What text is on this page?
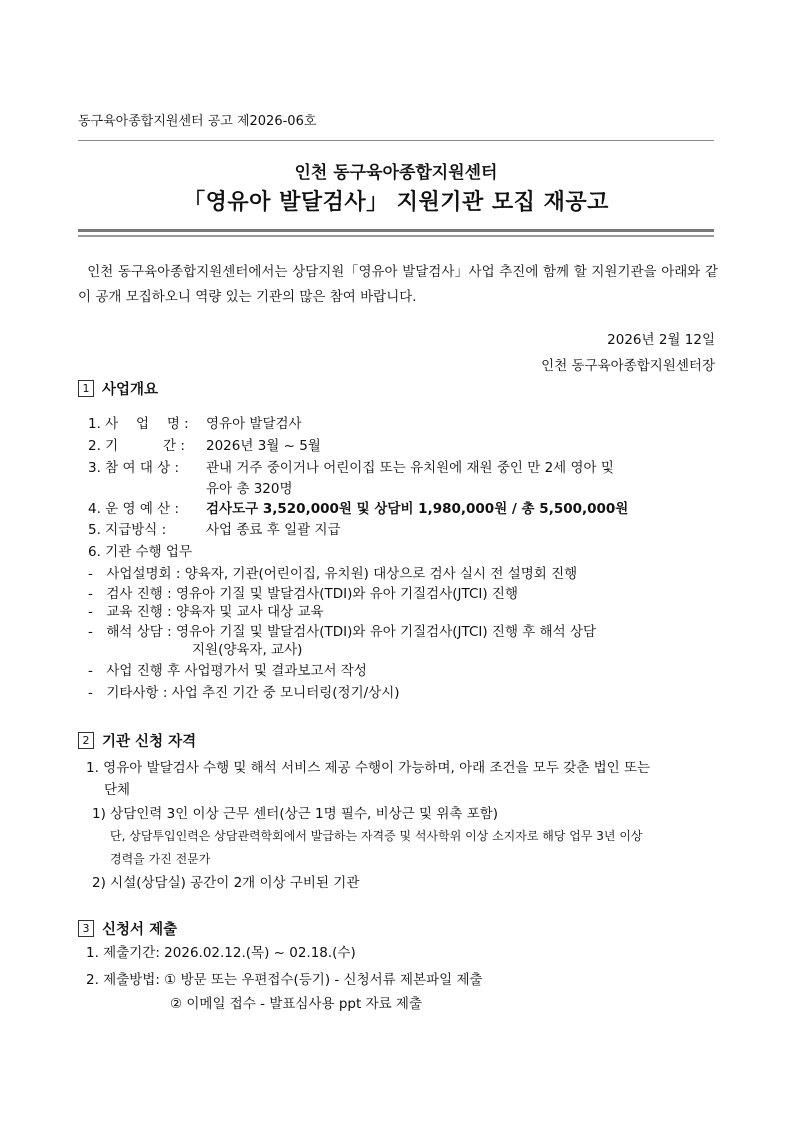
동구육아종합지원센터 공고 제2026-06호
인천 동구육아종합지원센터
「영유아 발달검사」 지원기관 모집 재공고
인천 동구육아종합지원센터에서는 상담지원「영유아 발달검사」사업 추진에 함께 할 지원기관을 아래와 같이 공개 모집하오니 역량 있는 기관의 많은 참여 바랍니다.
2026년 2월 12일
인천 동구육아종합지원센터장
1 사업개요
1. 사　 업　 명 : 영유아 발달검사
2. 기　　　 간 : 2026년 3월 ~ 5월
3. 참 여 대 상 : 관내 거주 중이거나 어린이집 또는 유치원에 재원 중인 만 2세 영아 및
유아 총 320명
4. 운 영 예 산 : 검사도구 3,520,000원 및 상담비 1,980,000원 / 총 5,500,000원
5. 지급방식 :	사업 종료 후 일괄 지급
6. 기관 수행 업무
-　사업설명회 : 양육자, 기관(어린이집, 유치원) 대상으로 검사 실시 전 설명회 진행
-　검사 진행 : 영유아 기질 및 발달검사(TDI)와 유아 기질검사(JTCI) 진행
-　교육 진행 : 양육자 및 교사 대상 교육
-　해석 상담 : 영유아 기질 및 발달검사(TDI)와 유아 기질검사(JTCI) 진행 후 해석 상담
지원(양육자, 교사)
-　사업 진행 후 사업평가서 및 결과보고서 작성
-　기타사항 : 사업 추진 기간 중 모니터링(정기/상시)
2 기관 신청 자격
1. 영유아 발달검사 수행 및 해석 서비스 제공 수행이 가능하며, 아래 조건을 모두 갖춘 법인 또는
단체
1) 상담인력 3인 이상 근무 센터(상근 1명 필수, 비상근 및 위촉 포함)
단, 상담투입인력은 상담관력학회에서 발급하는 자격증 및 석사학위 이상 소지자로 해당 업무 3년 이상
경력을 가진 전문가
2) 시설(상담실) 공간이 2개 이상 구비된 기관
3 신청서 제출
1. 제출기간: 2026.02.12.(목) ~ 02.18.(수)
2. 제출방법: ① 방문 또는 우편접수(등기) - 신청서류 제본파일 제출
② 이메일 접수 - 발표심사용 ppt 자료 제출
